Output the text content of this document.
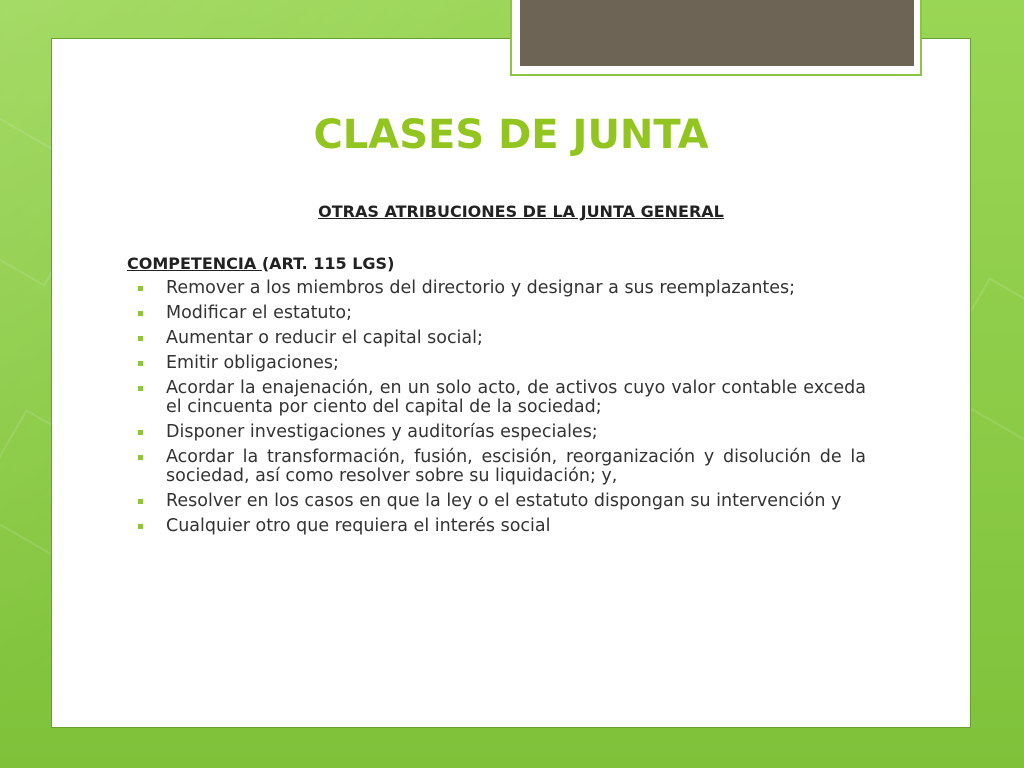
CLASES DE JUNTA
OTRAS ATRIBUCIONES DE LA JUNTA GENERAL
COMPETENCIA (ART. 115 LGS)
Remover a los miembros del directorio y designar a sus reemplazantes;
Modificar el estatuto;
Aumentar o reducir el capital social;
Emitir obligaciones;
Acordar la enajenación, en un solo acto, de activos cuyo valor contable exceda el cincuenta por ciento del capital de la sociedad;
Disponer investigaciones y auditorías especiales;
Acordar la transformación, fusión, escisión, reorganización y disolución de la sociedad, así como resolver sobre su liquidación; y,
Resolver en los casos en que la ley o el estatuto dispongan su intervención y
Cualquier otro que requiera el interés social
